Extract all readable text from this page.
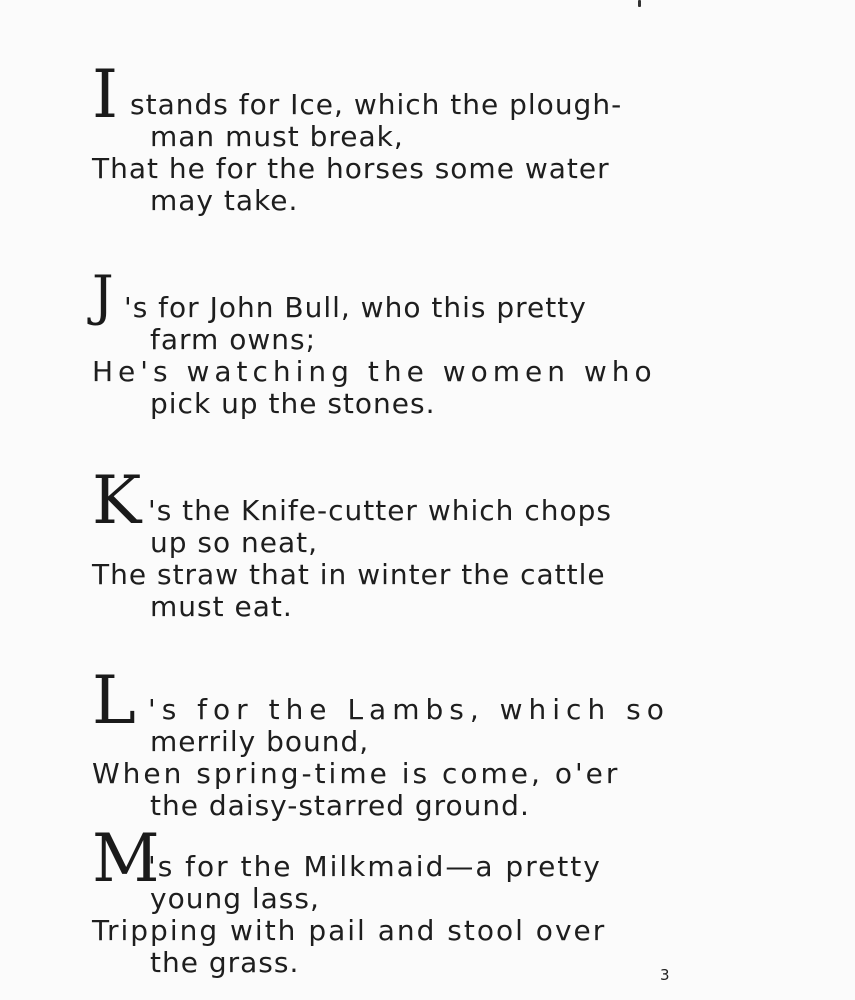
I stands for Ice, which the plough-
man must break,
That he for the horses some water
may take.
J 's for John Bull, who this pretty
farm owns;
He's watching the women who
pick up the stones.
K 's the Knife-cutter which chops
up so neat,
The straw that in winter the cattle
must eat.
L 's for the Lambs, which so
merrily bound,
When spring-time is come, o'er
the daisy-starred ground.
M
's for the Milkmaid—a pretty
young lass,
Tripping with pail and stool over
the grass.	3
